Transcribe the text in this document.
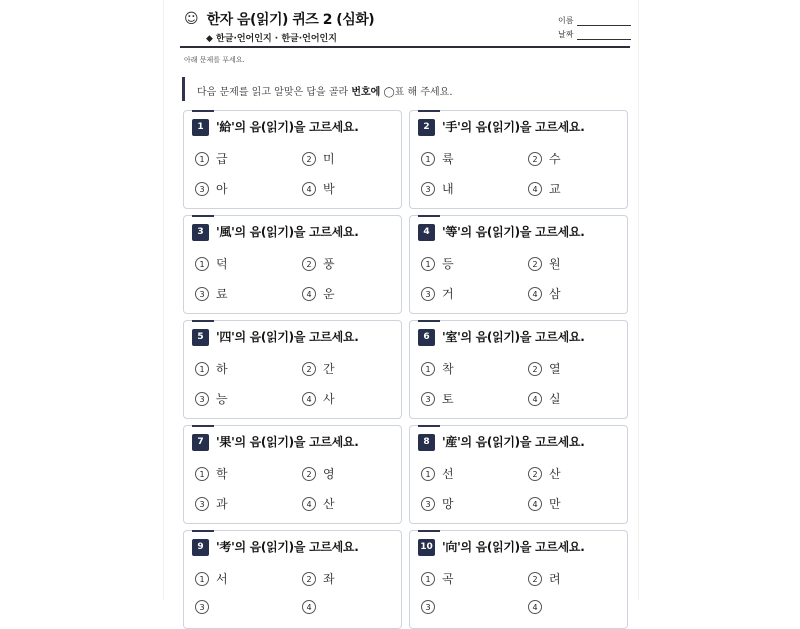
☺ 한자 음(읽기) 퀴즈 2 (심화)
◆ 한글·언어인지 · 한글·언어인지
이름
날짜
아래 문제를 푸세요.
다음 문제를 읽고 알맞은 답을 골라 번호에 ◯표 해 주세요.
1	'給'의 음(읽기)을 고르세요.
1 급	2 미
3 아	4 박
2	'手'의 음(읽기)을 고르세요.
1 륙	2 수
3 내	4 교
3	'風'의 음(읽기)을 고르세요.
1 덕	2 풍
3 료	4 운
4	'等'의 음(읽기)을 고르세요.
1 등	2 원
3 거	4 삼
5	'四'의 음(읽기)을 고르세요.
1 하	2 간
3 능	4 사
6	'室'의 음(읽기)을 고르세요.
1 착	2 열
3 토	4 실
7	'果'의 음(읽기)을 고르세요.
1 학	2 영
3 과	4 산
8	'産'의 음(읽기)을 고르세요.
1 선	2 산
3 망	4 만
9	'考'의 음(읽기)을 고르세요.
1 서	2 좌
3	4
10 '向'의 음(읽기)을 고르세요.
1 곡	2 려
3	4
